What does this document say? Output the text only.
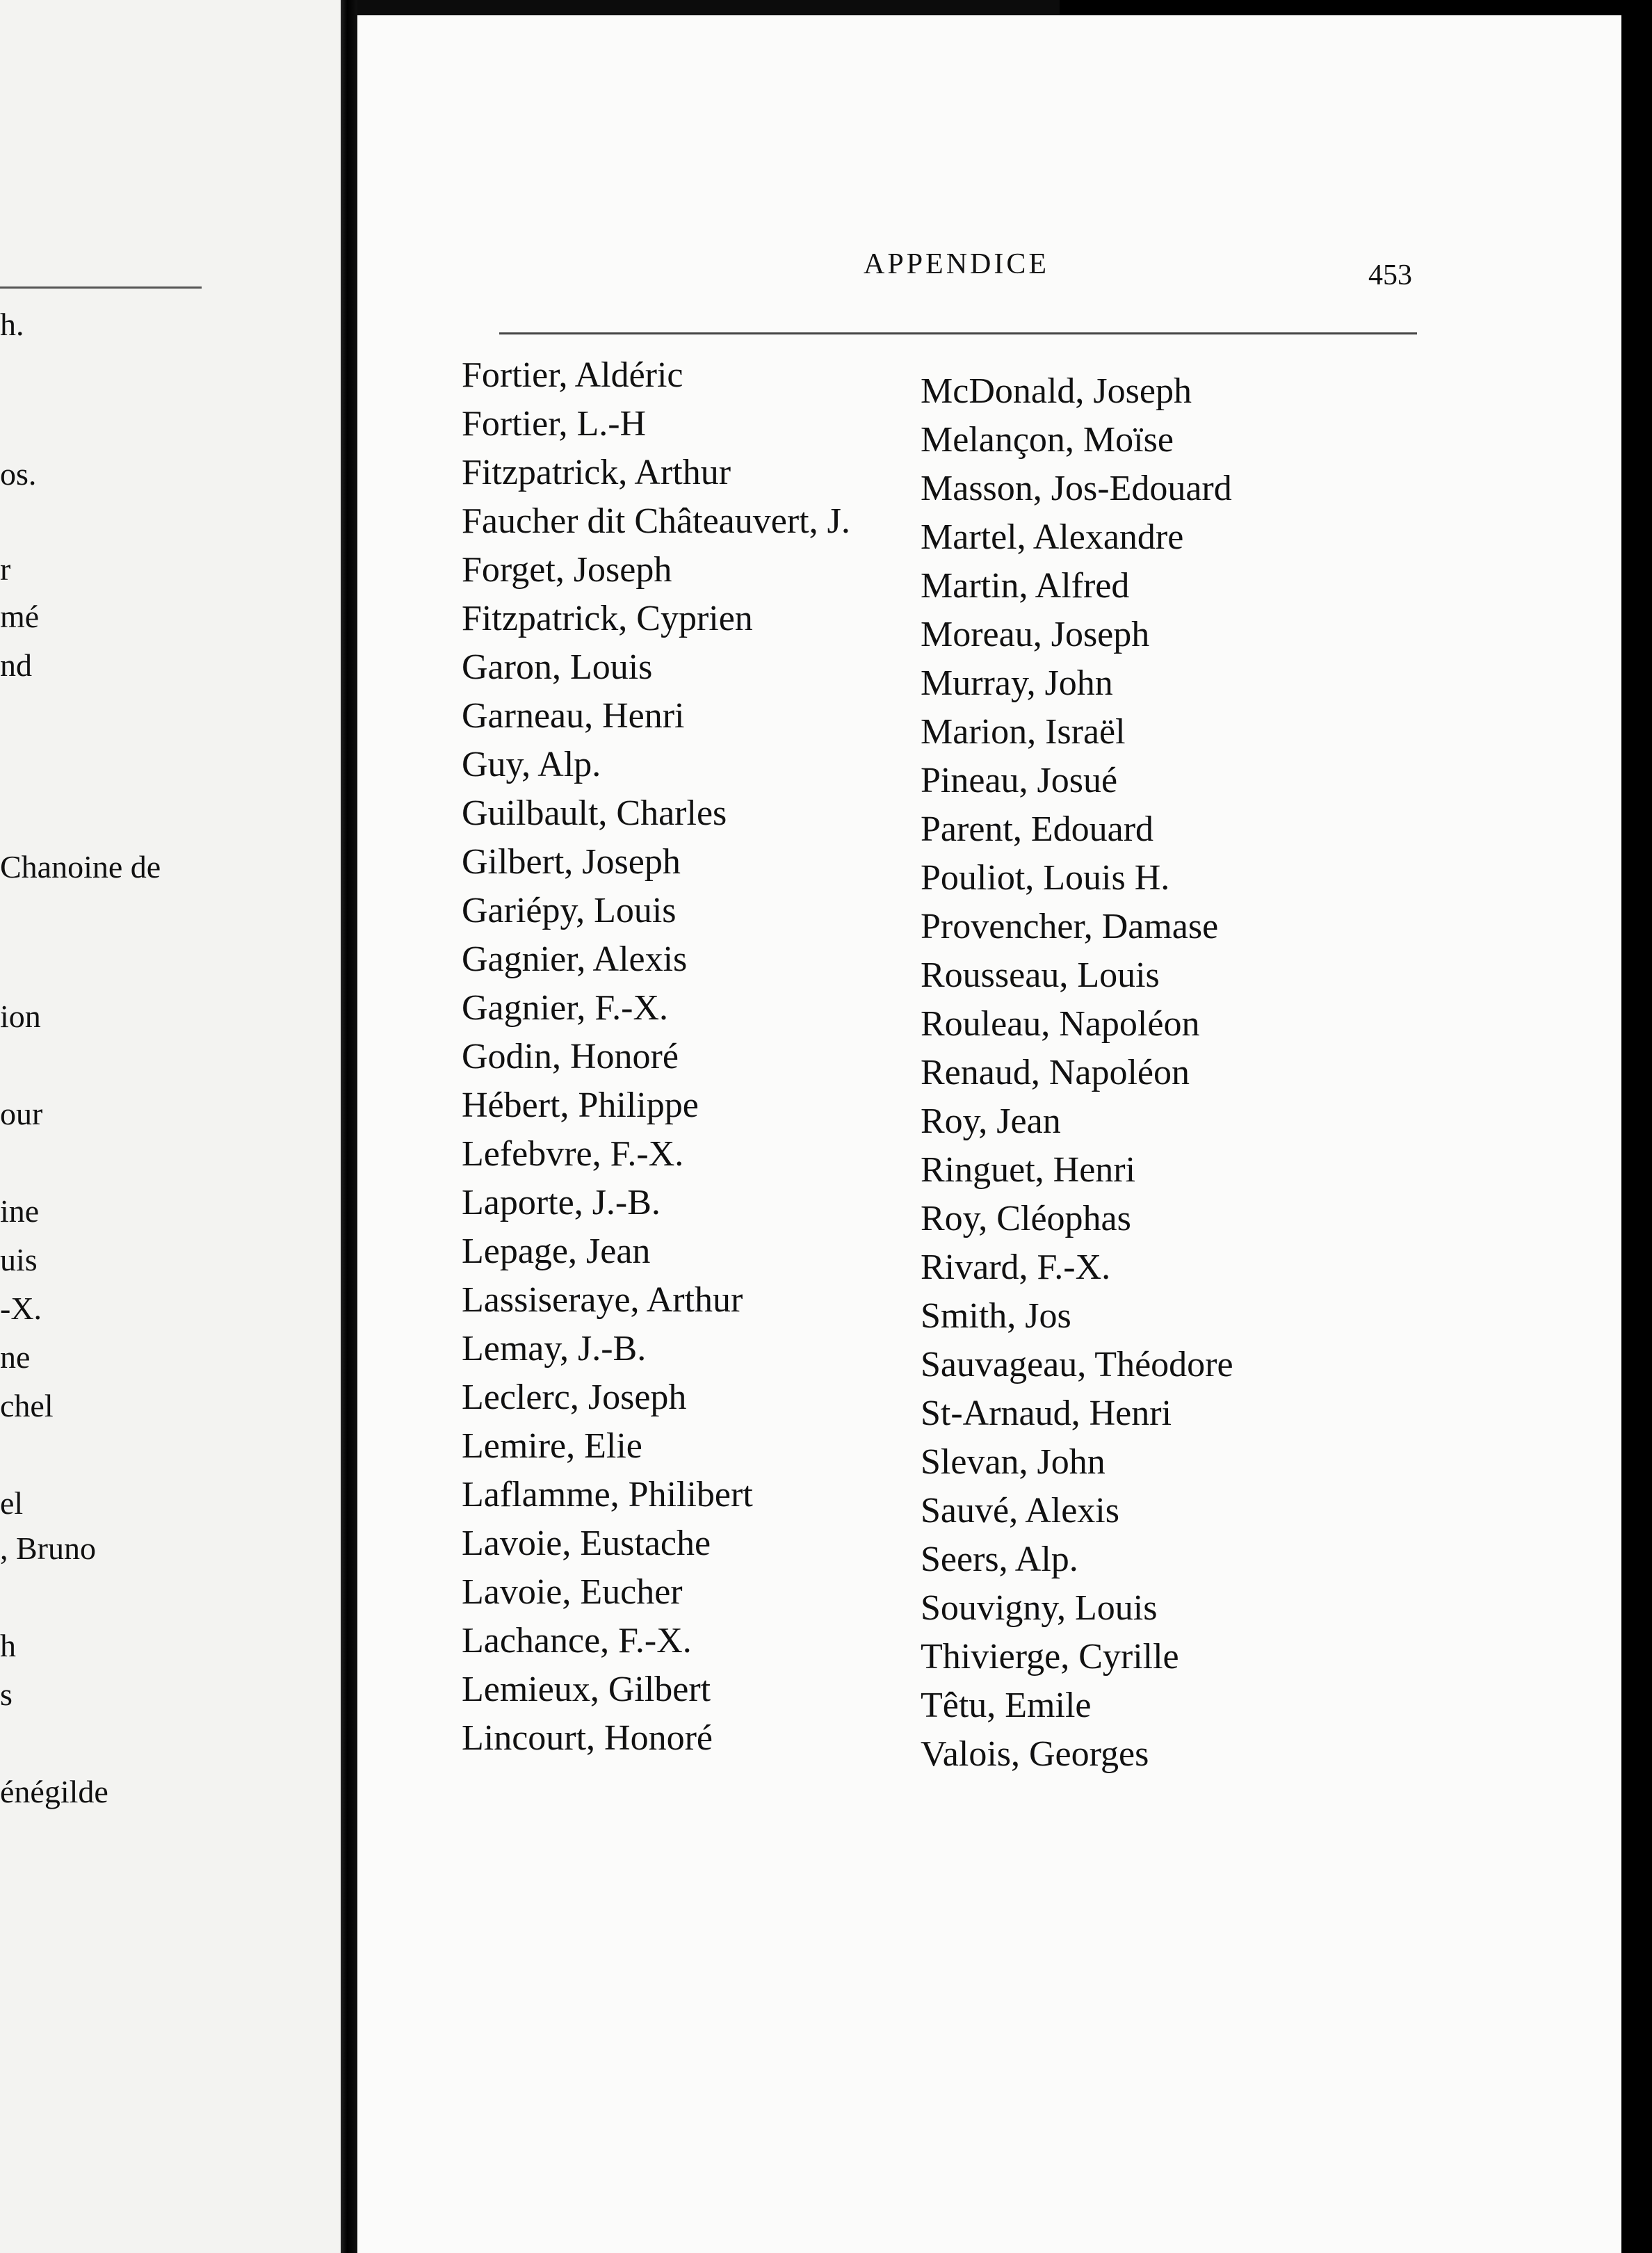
h.
os.
r
mé
nd
Chanoine de
ion
our
ine
uis
-X.
ne
chel
el
, Bruno
h
s
énégilde
APPENDICE	453
Fortier, Aldéric
Fortier, L.-H
Fitzpatrick, Arthur
Faucher dit Châteauvert, J.
Forget, Joseph
Fitzpatrick, Cyprien
Garon, Louis
Garneau, Henri
Guy, Alp.
Guilbault, Charles
Gilbert, Joseph
Gariépy, Louis
Gagnier, Alexis
Gagnier, F.-X.
Godin, Honoré
Hébert, Philippe
Lefebvre, F.-X.
Laporte, J.-B.
Lepage, Jean
Lassiseraye, Arthur
Lemay, J.-B.
Leclerc, Joseph
Lemire, Elie
Laflamme, Philibert
Lavoie, Eustache
Lavoie, Eucher
Lachance, F.-X.
Lemieux, Gilbert
Lincourt, Honoré
McDonald, Joseph
Melançon, Moïse
Masson, Jos-Edouard
Martel, Alexandre
Martin, Alfred
Moreau, Joseph
Murray, John
Marion, Israël
Pineau, Josué
Parent, Edouard
Pouliot, Louis H.
Provencher, Damase
Rousseau, Louis
Rouleau, Napoléon
Renaud, Napoléon
Roy, Jean
Ringuet, Henri
Roy, Cléophas
Rivard, F.-X.
Smith, Jos
Sauvageau, Théodore
St-Arnaud, Henri
Slevan, John
Sauvé, Alexis
Seers, Alp.
Souvigny, Louis
Thivierge, Cyrille
Têtu, Emile
Valois, Georges
